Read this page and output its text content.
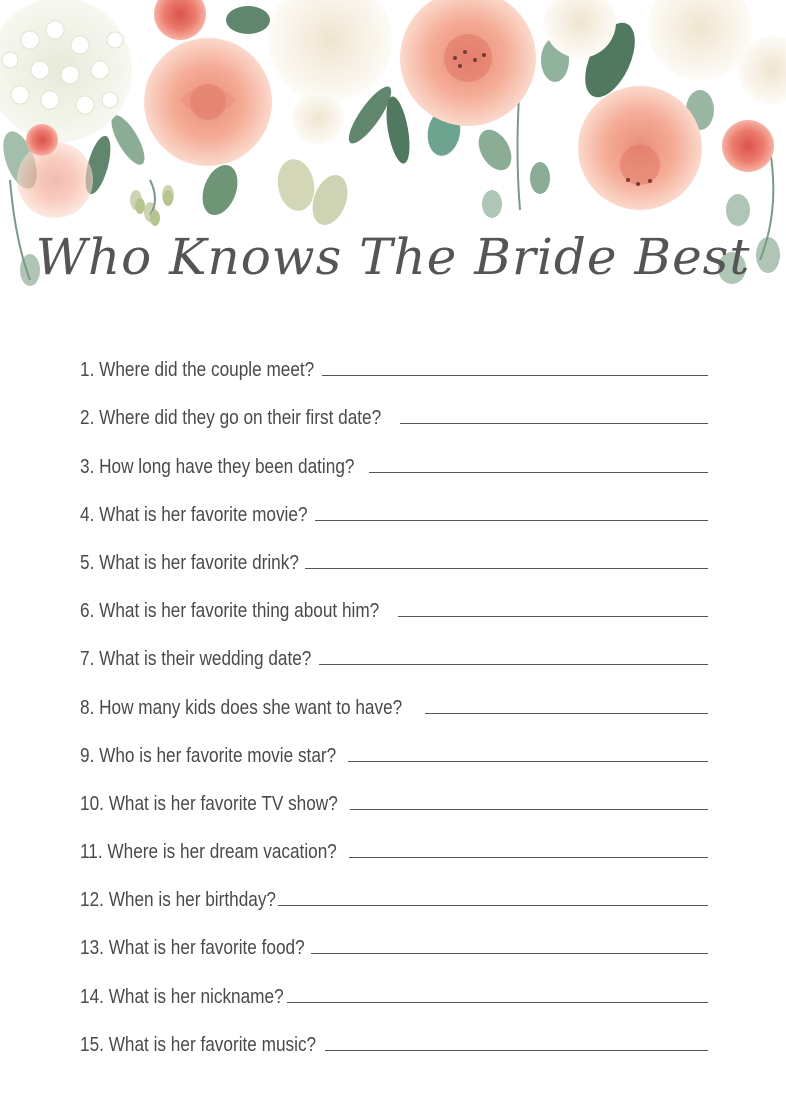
Who Knows The Bride Best
1. Where did the couple meet?
2. Where did they go on their first date?
3. How long have they been dating?
4. What is her favorite movie?
5. What is her favorite drink?
6. What is her favorite thing about him?
7. What is their wedding date?
8. How many kids does she want to have?
9. Who is her favorite movie star?
10. What is her favorite TV show?
11. Where is her dream vacation?
12. When is her birthday?
13. What is her favorite food?
14. What is her nickname?
15. What is her favorite music?
